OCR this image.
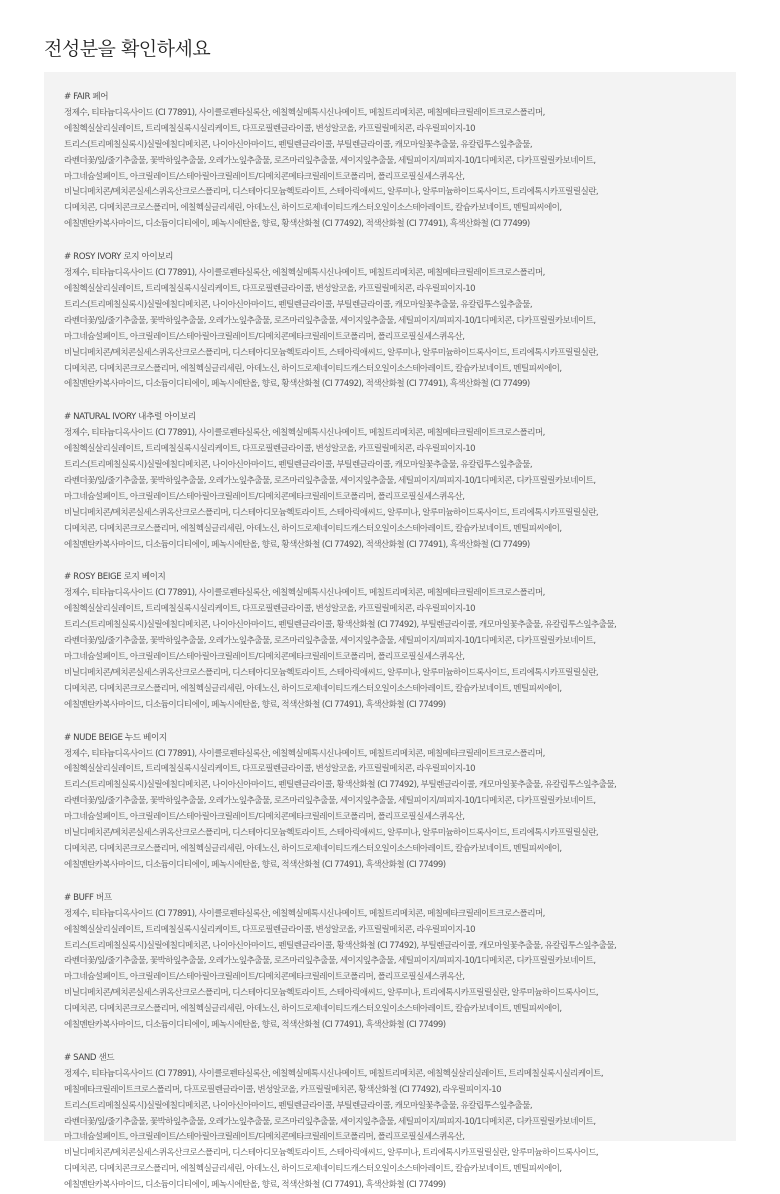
전성분을 확인하세요
# FAIR 페어
정제수, 티타늄디옥사이드 (CI 77891), 사이클로펜타실록산, 에칠헥실메톡시신나메이트, 메칠트리메치콘, 메칠메타크릴레이트크로스폴리머,
에칠헥실살리실레이트, 트리메칠실록시실리케이트, 다프로필렌글라이콜, 변성알코올, 카프릴릴메치콘, 라우릴피이지-10
트리스(트리메칠실록시)실릴에칠디메치콘, 나이아신아마이드, 펜틸렌글라이콜, 부틸렌글라이콜, 캐모마일꽃추출물, 유칼립투스잎추출물,
라벤더꽃/잎/줄기추출물, 꽃박하잎추출물, 오레가노잎추출물, 로즈마리잎추출물, 세이지잎추출물, 세틸피이지/피피지-10/1디메치콘, 디카프릴릴카보네이트,
마그네슘설페이트, 아크릴레이트/스테아릴아크릴레이트/디메치콘메타크릴레이트코폴리머, 폴리프로필실세스퀴옥산,
비닐디메치콘/메치콘실세스퀴옥산크로스폴리머, 디스테아디모늄헥토라이트, 스테아릭애씨드, 알루미나, 알루미늄하이드록사이드, 트리에톡시카프릴릴실란,
디메치콘, 디메치콘크로스폴리머, 에칠헥실글리세린, 아데노신, 하이드로제네이티드캐스터오일이소스테아레이트, 칼슘카보네이트, 멘틸피씨에이,
에칠멘탄카복사마이드, 디소듐이디티에이, 페녹시에탄올, 향료, 황색산화철 (CI 77492), 적색산화철 (CI 77491), 흑색산화철 (CI 77499)
# ROSY IVORY 로지 아이보리
정제수, 티타늄디옥사이드 (CI 77891), 사이클로펜타실록산, 에칠헥실메톡시신나메이트, 메칠트리메치콘, 메칠메타크릴레이트크로스폴리머,
에칠헥실살리실레이트, 트리메칠실록시실리케이트, 다프로필렌글라이콜, 변성알코올, 카프릴릴메치콘, 라우릴피이지-10
트리스(트리메칠실록시)실릴에칠디메치콘, 나이아신아마이드, 펜틸렌글라이콜, 부틸렌글라이콜, 캐모마일꽃추출물, 유칼립투스잎추출물,
라벤더꽃/잎/줄기추출물, 꽃박하잎추출물, 오레가노잎추출물, 로즈마리잎추출물, 세이지잎추출물, 세틸피이지/피피지-10/1디메치콘, 디카프릴릴카보네이트,
마그네슘설페이트, 아크릴레이트/스테아릴아크릴레이트/디메치콘메타크릴레이트코폴리머, 폴리프로필실세스퀴옥산,
비닐디메치콘/메치콘실세스퀴옥산크로스폴리머, 디스테아디모늄헥토라이트, 스테아릭애씨드, 알루미나, 알루미늄하이드록사이드, 트리에톡시카프릴릴실란,
디메치콘, 디메치콘크로스폴리머, 에칠헥실글리세린, 아데노신, 하이드로제네이티드캐스터오일이소스테아레이트, 칼슘카보네이트, 멘틸피씨에이,
에칠멘탄카복사마이드, 디소듐이디티에이, 페녹시에탄올, 향료, 황색산화철 (CI 77492), 적색산화철 (CI 77491), 흑색산화철 (CI 77499)
# NATURAL IVORY 내추럴 아이보리
정제수, 티타늄디옥사이드 (CI 77891), 사이클로펜타실록산, 에칠헥실메톡시신나메이트, 메칠트리메치콘, 메칠메타크릴레이트크로스폴리머,
에칠헥실살리실레이트, 트리메칠실록시실리케이트, 다프로필렌글라이콜, 변성알코올, 카프릴릴메치콘, 라우릴피이지-10
트리스(트리메칠실록시)실릴에칠디메치콘, 나이아신아마이드, 펜틸렌글라이콜, 부틸렌글라이콜, 캐모마일꽃추출물, 유칼립투스잎추출물,
라벤더꽃/잎/줄기추출물, 꽃박하잎추출물, 오레가노잎추출물, 로즈마리잎추출물, 세이지잎추출물, 세틸피이지/피피지-10/1디메치콘, 디카프릴릴카보네이트,
마그네슘설페이트, 아크릴레이트/스테아릴아크릴레이트/디메치콘메타크릴레이트코폴리머, 폴리프로필실세스퀴옥산,
비닐디메치콘/메치콘실세스퀴옥산크로스폴리머, 디스테아디모늄헥토라이트, 스테아릭애씨드, 알루미나, 알루미늄하이드록사이드, 트리에톡시카프릴릴실란,
디메치콘, 디메치콘크로스폴리머, 에칠헥실글리세린, 아데노신, 하이드로제네이티드캐스터오일이소스테아레이트, 칼슘카보네이트, 멘틸피씨에이,
에칠멘탄카복사마이드, 디소듐이디티에이, 페녹시에탄올, 향료, 황색산화철 (CI 77492), 적색산화철 (CI 77491), 흑색산화철 (CI 77499)
# ROSY BEIGE 로지 베이지
정제수, 티타늄디옥사이드 (CI 77891), 사이클로펜타실록산, 에칠헥실메톡시신나메이트, 메칠트리메치콘, 메칠메타크릴레이트크로스폴리머,
에칠헥실살리실레이트, 트리메칠실록시실리케이트, 다프로필렌글라이콜, 변성알코올, 카프릴릴메치콘, 라우릴피이지-10
트리스(트리메칠실록시)실릴에칠디메치콘, 나이아신아마이드, 펜틸렌글라이콜, 황색산화철 (CI 77492), 부틸렌글라이콜, 캐모마일꽃추출물, 유칼립투스잎추출물,
라벤더꽃/잎/줄기추출물, 꽃박하잎추출물, 오레가노잎추출물, 로즈마리잎추출물, 세이지잎추출물, 세틸피이지/피피지-10/1디메치콘, 디카프릴릴카보네이트,
마그네슘설페이트, 아크릴레이트/스테아릴아크릴레이트/디메치콘메타크릴레이트코폴리머, 폴리프로필실세스퀴옥산,
비닐디메치콘/메치콘실세스퀴옥산크로스폴리머, 디스테아디모늄헥토라이트, 스테아릭애씨드, 알루미나, 알루미늄하이드록사이드, 트리에톡시카프릴릴실란,
디메치콘, 디메치콘크로스폴리머, 에칠헥실글리세린, 아데노신, 하이드로제네이티드캐스터오일이소스테아레이트, 칼슘카보네이트, 멘틸피씨에이,
에칠멘탄카복사마이드, 디소듐이디티에이, 페녹시에탄올, 향료, 적색산화철 (CI 77491), 흑색산화철 (CI 77499)
# NUDE BEIGE 누드 베이지
정제수, 티타늄디옥사이드 (CI 77891), 사이클로펜타실록산, 에칠헥실메톡시신나메이트, 메칠트리메치콘, 메칠메타크릴레이트크로스폴리머,
에칠헥실살리실레이트, 트리메칠실록시실리케이트, 다프로필렌글라이콜, 변성알코올, 카프릴릴메치콘, 라우릴피이지-10
트리스(트리메칠실록시)실릴에칠디메치콘, 나이아신아마이드, 펜틸렌글라이콜, 황색산화철 (CI 77492), 부틸렌글라이콜, 캐모마일꽃추출물, 유칼립투스잎추출물,
라벤더꽃/잎/줄기추출물, 꽃박하잎추출물, 오레가노잎추출물, 로즈마리잎추출물, 세이지잎추출물, 세틸피이지/피피지-10/1디메치콘, 디카프릴릴카보네이트,
마그네슘설페이트, 아크릴레이트/스테아릴아크릴레이트/디메치콘메타크릴레이트코폴리머, 폴리프로필실세스퀴옥산,
비닐디메치콘/메치콘실세스퀴옥산크로스폴리머, 디스테아디모늄헥토라이트, 스테아릭애씨드, 알루미나, 알루미늄하이드록사이드, 트리에톡시카프릴릴실란,
디메치콘, 디메치콘크로스폴리머, 에칠헥실글리세린, 아데노신, 하이드로제네이티드캐스터오일이소스테아레이트, 칼슘카보네이트, 멘틸피씨에이,
에칠멘탄카복사마이드, 디소듐이디티에이, 페녹시에탄올, 향료, 적색산화철 (CI 77491), 흑색산화철 (CI 77499)
# BUFF 버프
정제수, 티타늄디옥사이드 (CI 77891), 사이클로펜타실록산, 에칠헥실메톡시신나메이트, 메칠트리메치콘, 메칠메타크릴레이트크로스폴리머,
에칠헥실살리실레이트, 트리메칠실록시실리케이트, 다프로필렌글라이콜, 변성알코올, 카프릴릴메치콘, 라우릴피이지-10
트리스(트리메칠실록시)실릴에칠디메치콘, 나이아신아마이드, 펜틸렌글라이콜, 황색산화철 (CI 77492), 부틸렌글라이콜, 캐모마일꽃추출물, 유칼립투스잎추출물,
라벤더꽃/잎/줄기추출물, 꽃박하잎추출물, 오레가노잎추출물, 로즈마리잎추출물, 세이지잎추출물, 세틸피이지/피피지-10/1디메치콘, 디카프릴릴카보네이트,
마그네슘설페이트, 아크릴레이트/스테아릴아크릴레이트/디메치콘메타크릴레이트코폴리머, 폴리프로필실세스퀴옥산,
비닐디메치콘/메치콘실세스퀴옥산크로스폴리머, 디스테아디모늄헥토라이트, 스테아릭애씨드, 알루미나, 트리에톡시카프릴릴실란, 알루미늄하이드록사이드,
디메치콘, 디메치콘크로스폴리머, 에칠헥실글리세린, 아데노신, 하이드로제네이티드캐스터오일이소스테아레이트, 칼슘카보네이트, 멘틸피씨에이,
에칠멘탄카복사마이드, 디소듐이디티에이, 페녹시에탄올, 향료, 적색산화철 (CI 77491), 흑색산화철 (CI 77499)
# SAND 샌드
정제수, 티타늄디옥사이드 (CI 77891), 사이클로펜타실록산, 에칠헥실메톡시신나메이트, 메칠트리메치콘, 에칠헥실살리실레이트, 트리메칠실록시실리케이트,
메칠메타크릴레이트크로스폴리머, 다프로필렌글라이콜, 변성알코올, 카프릴릴메치콘, 황색산화철 (CI 77492), 라우릴피이지-10
트리스(트리메칠실록시)실릴에칠디메치콘, 나이아신아마이드, 펜틸렌글라이콜, 부틸렌글라이콜, 캐모마일꽃추출물, 유칼립투스잎추출물,
라벤더꽃/잎/줄기추출물, 꽃박하잎추출물, 오레가노잎추출물, 로즈마리잎추출물, 세이지잎추출물, 세틸피이지/피피지-10/1디메치콘, 디카프릴릴카보네이트,
마그네슘설페이트, 아크릴레이트/스테아릴아크릴레이트/디메치콘메타크릴레이트코폴리머, 폴리프로필실세스퀴옥산,
비닐디메치콘/메치콘실세스퀴옥산크로스폴리머, 디스테아디모늄헥토라이트, 스테아릭애씨드, 알루미나, 트리에톡시카프릴릴실란, 알루미늄하이드록사이드,
디메치콘, 디메치콘크로스폴리머, 에칠헥실글리세린, 아데노신, 하이드로제네이티드캐스터오일이소스테아레이트, 칼슘카보네이트, 멘틸피씨에이,
에칠멘탄카복사마이드, 디소듐이디티에이, 페녹시에탄올, 향료, 적색산화철 (CI 77491), 흑색산화철 (CI 77499)
